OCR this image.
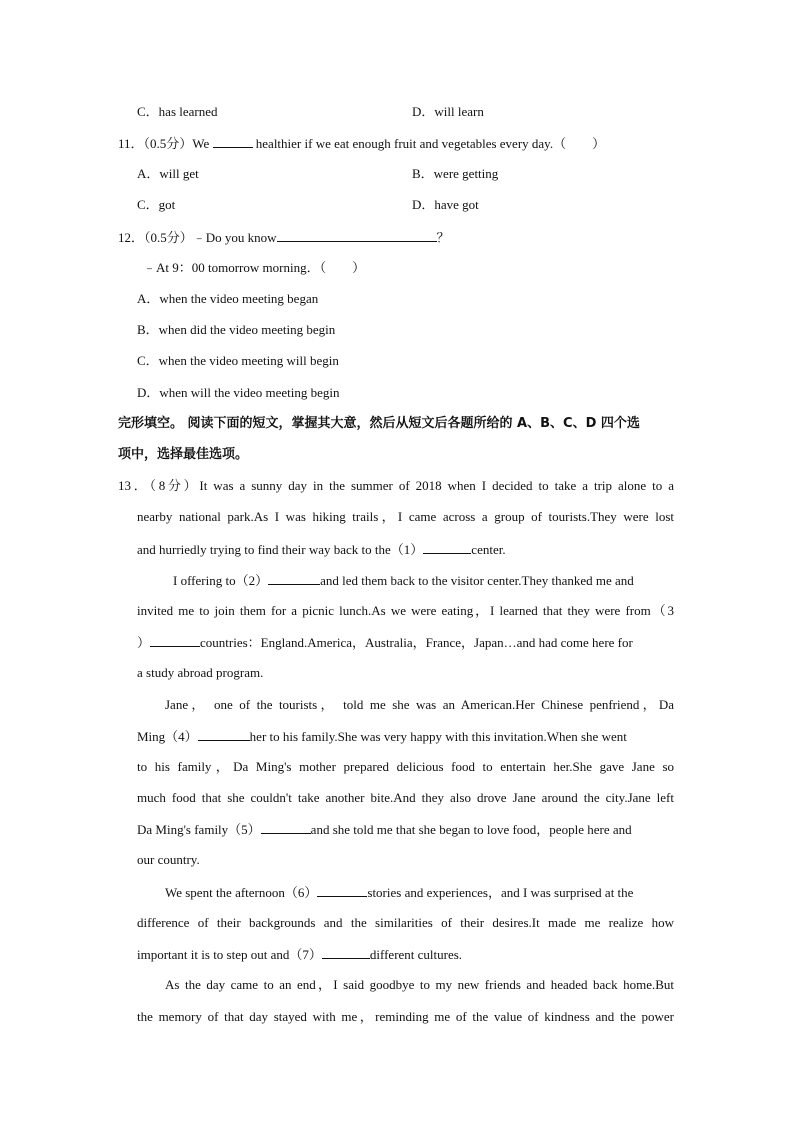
C．has learned	D．will learn
11．（0.5分）We	healthier if we eat enough fruit and vegetables every day.（　　）
A．will get	B．were getting
C．got	D．have got
12．（0.5分）﹣Do you know	？
﹣At 9：00 tomorrow morning．（　　）
A．when the video meeting began
B．when did the video meeting begin
C．when the video meeting will begin
D．when will the video meeting begin
完形填空。 阅读下面的短文，掌握其大意，然后从短文后各题所给的 A、B、C、D 四个选
项中，选择最佳选项。
13．（8分）It was a sunny day in the summer of 2018 when I decided to take a trip alone to a
nearby national park.As I was hiking trails，I came across a group of tourists.They were lost
and hurriedly trying to find their way back to the（1）	center.
I offering to（2）	and led them back to the visitor center.They thanked me and
invited me to join them for a picnic lunch.As we were eating，I learned that they were from（3
）	countries：England.America，Australia，France，Japan…and had come here for
a study abroad program.
Jane， one of the tourists， told me she was an American.Her Chinese penfriend，Da
Ming（4）	her to his family.She was very happy with this invitation.When she went
to his family，Da Ming's mother prepared delicious food to entertain her.She gave Jane so
much food that she couldn't take another bite.And they also drove Jane around the city.Jane left
Da Ming's family（5）	and she told me that she began to love food，people here and
our country.
We spent the afternoon（6）	stories and experiences，and I was surprised at the
difference of their backgrounds and the similarities of their desires.It made me realize how
important it is to step out and（7）	different cultures.
As the day came to an end，I said goodbye to my new friends and headed back home.But
the memory of that day stayed with me，reminding me of the value of kindness and the power
